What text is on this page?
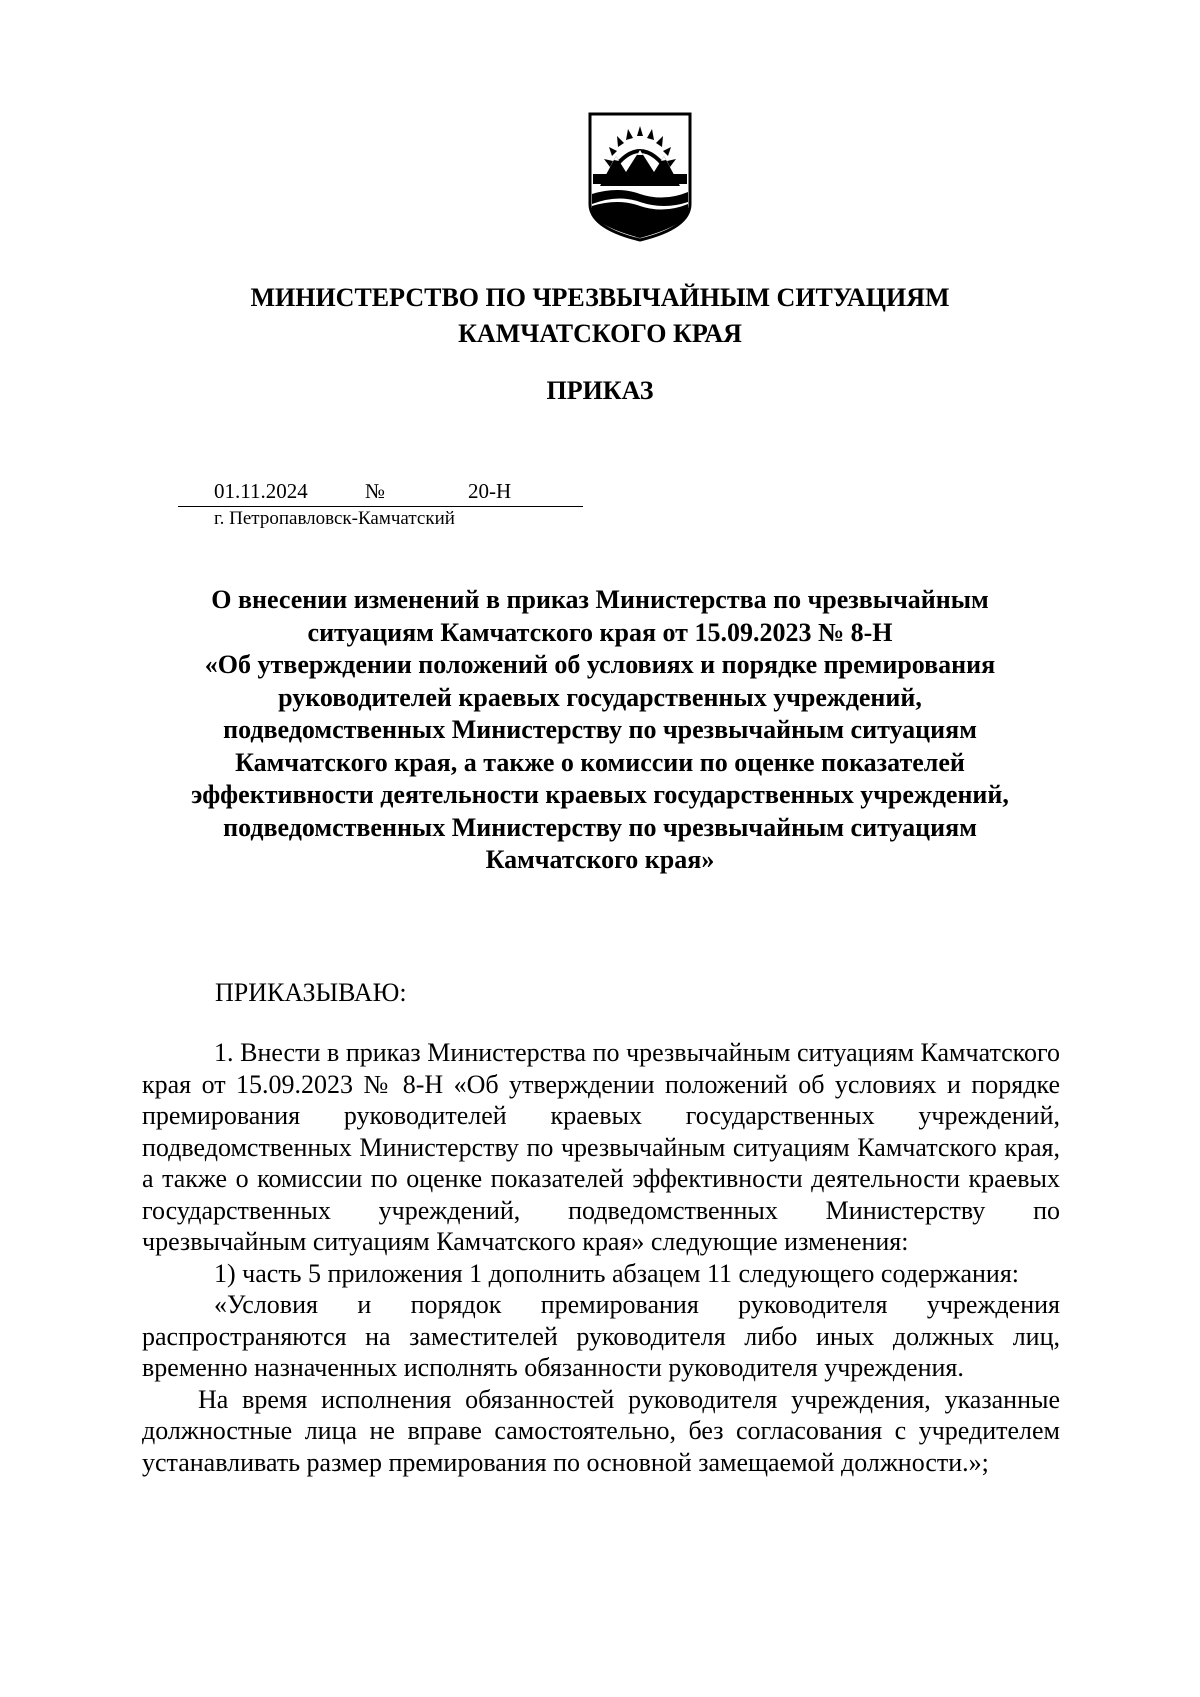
МИНИСТЕРСТВО ПО ЧРЕЗВЫЧАЙНЫМ СИТУАЦИЯМ
КАМЧАТСКОГО КРАЯ
ПРИКАЗ
01.11.2024	№	20-Н
г. Петропавловск-Камчатский
О внесении изменений в приказ Министерства по чрезвычайным
ситуациям Камчатского края от 15.09.2023 № 8-Н
«Об утверждении положений об условиях и порядке премирования
руководителей краевых государственных учреждений,
подведомственных Министерству по чрезвычайным ситуациям
Камчатского края, а также о комиссии по оценке показателей
эффективности деятельности краевых государственных учреждений,
подведомственных Министерству по чрезвычайным ситуациям
Камчатского края»
ПРИКАЗЫВАЮ:

1. Внести в приказ Министерства по чрезвычайным ситуациям Камчатского края от 15.09.2023 № 8-Н «Об утверждении положений об условиях и порядке премирования руководителей краевых государственных учреждений, подведомственных Министерству по чрезвычайным ситуациям Камчатского края, а также о комиссии по оценке показателей эффективности деятельности краевых государственных учреждений, подведомственных Министерству по чрезвычайным ситуациям Камчатского края» следующие изменения:

1) часть 5 приложения 1 дополнить абзацем 11 следующего содержания:

«Условия и порядок премирования руководителя учреждения распространяются на заместителей руководителя либо иных должных лиц, временно назначенных исполнять обязанности руководителя учреждения.

На время исполнения обязанностей руководителя учреждения, указанные должностные лица не вправе самостоятельно, без согласования с учредителем устанавливать размер премирования по основной замещаемой должности.»;
